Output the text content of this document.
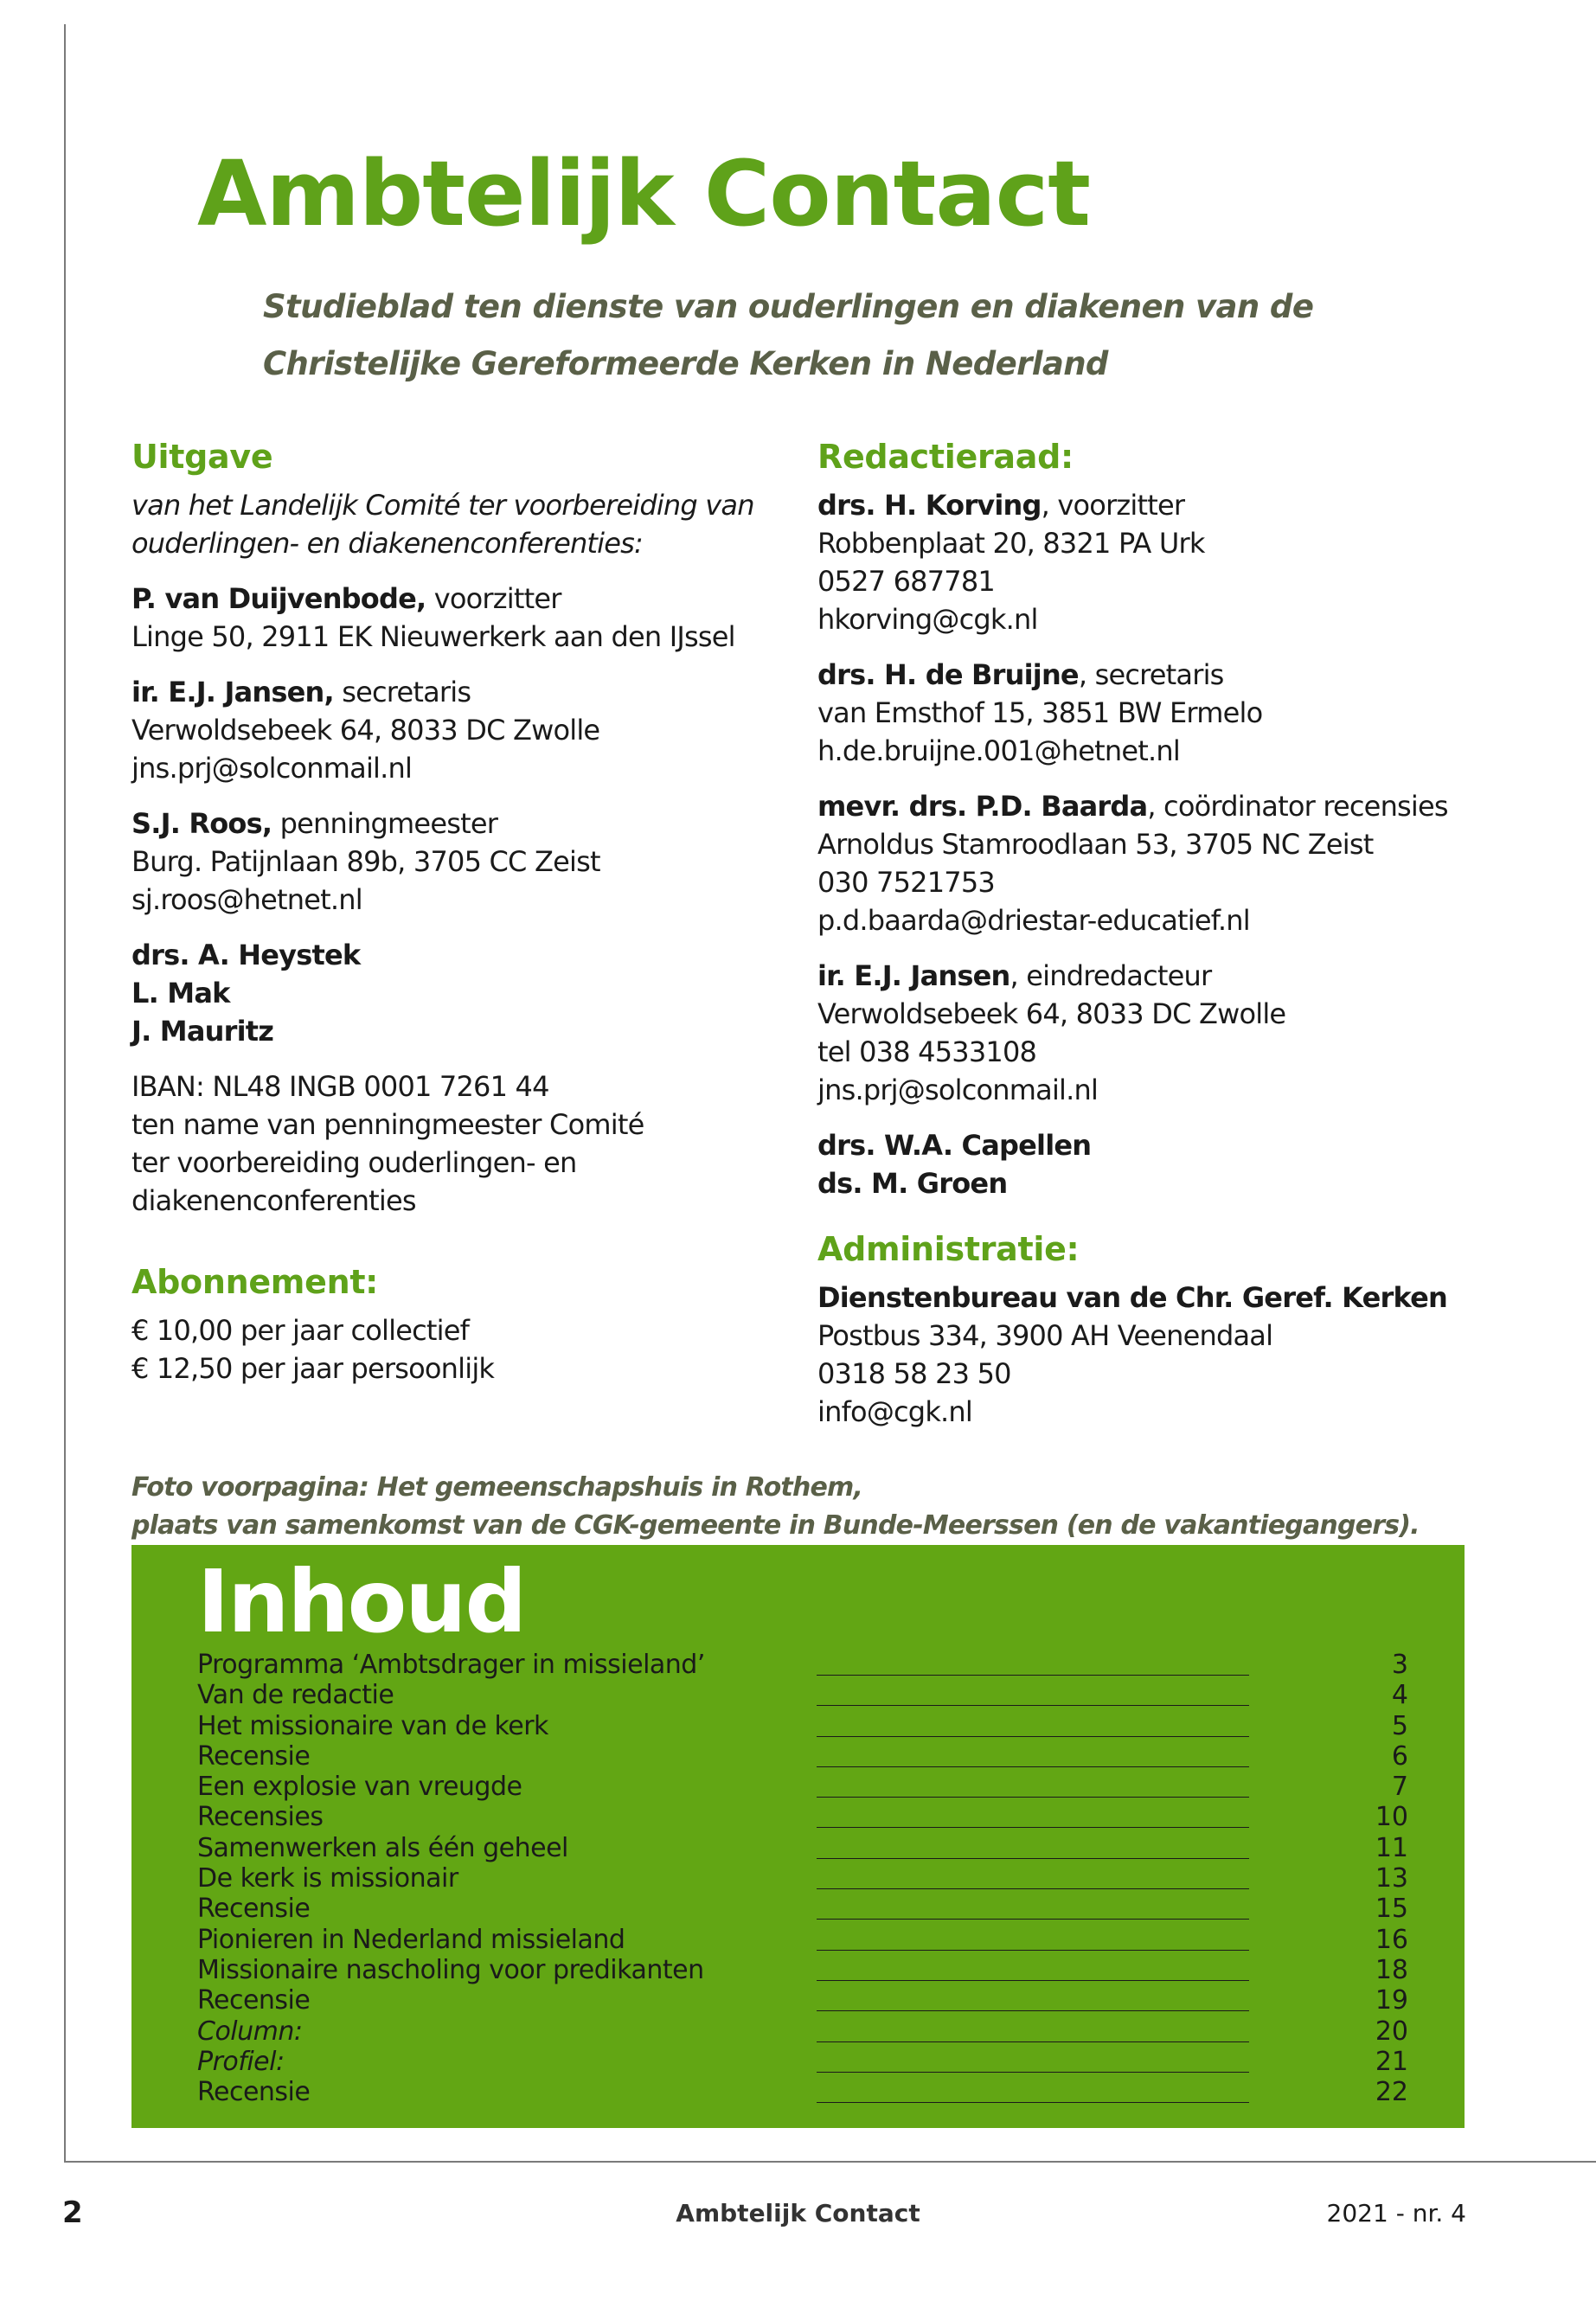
Ambtelijk Contact
Studieblad ten dienste van ouderlingen en diakenen van de
Christelijke Gereformeerde Kerken in Nederland
Uitgave
van het Landelijk Comité ter voorbereiding van
ouderlingen- en diakenenconferenties:
P. van Duijvenbode, voorzitter
Linge 50, 2911 EK Nieuwerkerk aan den IJssel
ir. E.J. Jansen, secretaris
Verwoldsebeek 64, 8033 DC Zwolle
jns.prj@solconmail.nl
S.J. Roos, penningmeester
Burg. Patijnlaan 89b, 3705 CC Zeist
sj.roos@hetnet.nl
drs. A. Heystek
L. Mak
J. Mauritz
IBAN: NL48 INGB 0001 7261 44
ten name van penningmeester Comité
ter voorbereiding ouderlingen- en
diakenenconferenties
Abonnement:
€ 10,00 per jaar collectief
€ 12,50 per jaar persoonlijk
Redactieraad:
drs. H. Korving, voorzitter
Robbenplaat 20, 8321 PA Urk
0527 687781
hkorving@cgk.nl
drs. H. de Bruijne, secretaris
van Emsthof 15, 3851 BW Ermelo
h.de.bruijne.001@hetnet.nl
mevr. drs. P.D. Baarda, coördinator recensies
Arnoldus Stamroodlaan 53, 3705 NC Zeist
030 7521753
p.d.baarda@driestar-educatief.nl
ir. E.J. Jansen, eindredacteur
Verwoldsebeek 64, 8033 DC Zwolle
tel 038 4533108
jns.prj@solconmail.nl
drs. W.A. Capellen
ds. M. Groen
Administratie:
Dienstenbureau van de Chr. Geref. Kerken
Postbus 334, 3900 AH Veenendaal
0318 58 23 50
info@cgk.nl
Foto voorpagina: Het gemeenschapshuis in Rothem,
plaats van samenkomst van de CGK-gemeente in Bunde-Meerssen (en de vakantiegangers).
Inhoud
Programma ‘Ambtsdrager in missieland’	3
Van de redactie	4
Het missionaire van de kerk	5
Recensie	6
Een explosie van vreugde	7
Recensies	10
Samenwerken als één geheel	11
De kerk is missionair	13
Recensie	15
Pionieren in Nederland missieland	16
Missionaire nascholing voor predikanten	18
Recensie	19
Column:	20
Profiel:	21
Recensie	22
2	Ambtelijk Contact	2021 - nr. 4
